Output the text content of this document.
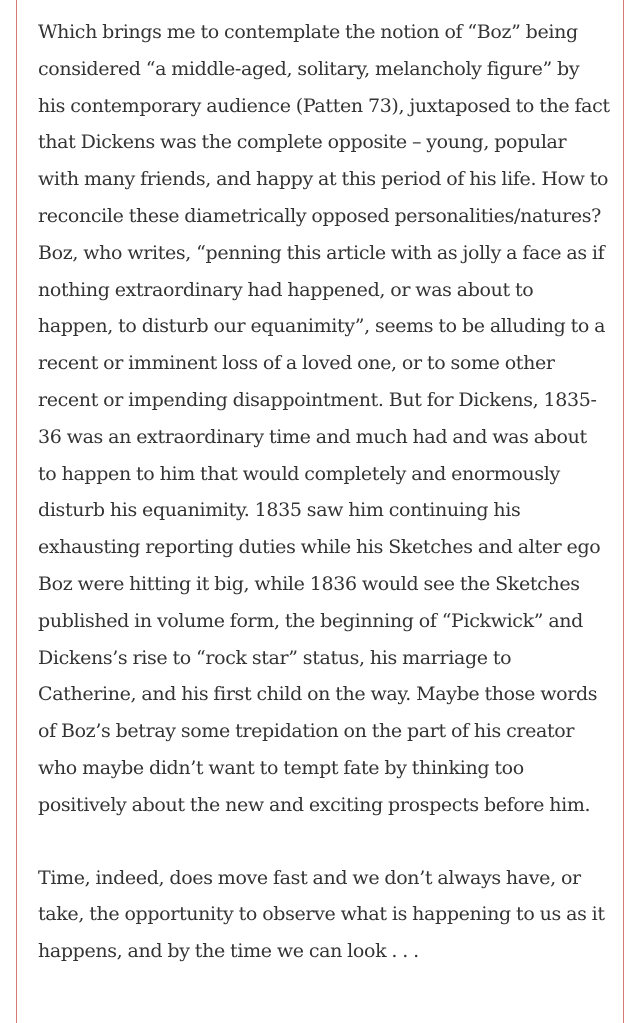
Which brings me to contemplate the notion of “Boz” being considered “a middle-aged, solitary, melancholy figure” by his contemporary audience (Patten 73), juxtaposed to the fact that Dickens was the complete opposite – young, popular with many friends, and happy at this period of his life. How to reconcile these diametrically opposed personalities/natures? Boz, who writes, “penning this article with as jolly a face as if nothing extraordinary had happened, or was about to happen, to disturb our equanimity”, seems to be alluding to a recent or imminent loss of a loved one, or to some other recent or impending disappointment. But for Dickens, 1835-36 was an extraordinary time and much had and was about to happen to him that would completely and enormously disturb his equanimity. 1835 saw him continuing his exhausting reporting duties while his Sketches and alter ego Boz were hitting it big, while 1836 would see the Sketches published in volume form, the beginning of “Pickwick” and Dickens’s rise to “rock star” status, his marriage to Catherine, and his first child on the way. Maybe those words of Boz’s betray some trepidation on the part of his creator who maybe didn’t want to tempt fate by thinking too positively about the new and exciting prospects before him.

Time, indeed, does move fast and we don’t always have, or take, the opportunity to observe what is happening to us as it happens, and by the time we can look . . .
